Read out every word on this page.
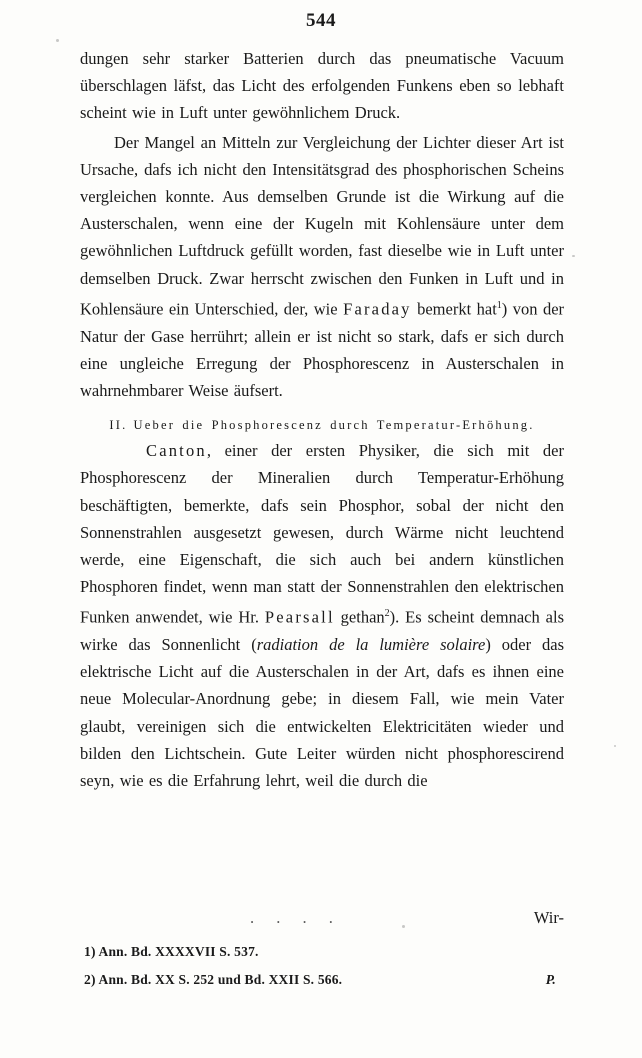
544

dungen sehr starker Batterien durch das pneumatische Vacuum überschlagen läfst, das Licht des erfolgenden Funkens eben so lebhaft scheint wie in Luft unter gewöhnlichem Druck.

Der Mangel an Mitteln zur Vergleichung der Lichter dieser Art ist Ursache, dafs ich nicht den Intensitätsgrad des phosphorischen Scheins vergleichen konnte. Aus demselben Grunde ist die Wirkung auf die Austerschalen, wenn eine der Kugeln mit Kohlensäure unter dem gewöhnlichen Luftdruck gefüllt worden, fast dieselbe wie in Luft unter demselben Druck. Zwar herrscht zwischen den Funken in Luft und in Kohlensäure ein Unterschied, der, wie Faraday bemerkt hat$^1$) von der Natur der Gase herrührt; allein er ist nicht so stark, dafs er sich durch eine ungleiche Erregung der Phosphorescenz in Austerschalen in wahrnehmbarer Weise äufsert.

II. Ueber die Phosphorescenz durch Temperatur-Erhöhung.

Canton, einer der ersten Physiker, die sich mit der Phosphorescenz der Mineralien durch Temperatur-Erhöhung beschäftigten, bemerkte, dafs sein Phosphor, sobal der nicht den Sonnenstrahlen ausgesetzt gewesen, durch Wärme nicht leuchtend werde, eine Eigenschaft, die sich auch bei andern künstlichen Phosphoren findet, wenn man statt der Sonnenstrahlen den elektrischen Funken anwendet, wie Hr. Pearsall gethan$^2$). Es scheint demnach als wirke das Sonnenlicht (radiation de la lumière solaire) oder das elektrische Licht auf die Austerschalen in der Art, dafs es ihnen eine neue Molecular-Anordnung gebe; in diesem Fall, wie mein Vater glaubt, vereinigen sich die entwickelten Elektricitäten wieder und bilden den Lichtschein. Gute Leiter würden nicht phosphorescirend seyn, wie es die Erfahrung lehrt, weil die durch die

. . . .	Wir-
1) Ann. Bd. XXXXVII S. 537.
2) Ann. Bd. XX S. 252 und Bd. XXII S. 566.	P.
